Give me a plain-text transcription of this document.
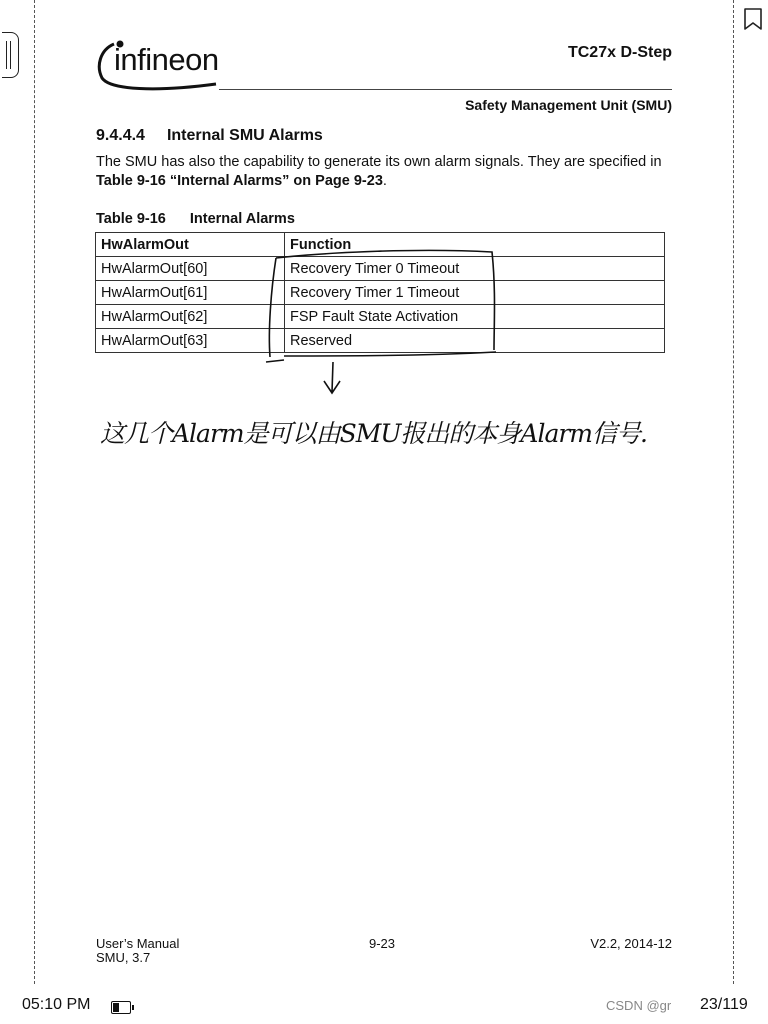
infineon	TC27x D-Step
Safety Management Unit (SMU)
9.4.4.4 Internal SMU Alarms
The SMU has also the capability to generate its own alarm signals. They are specified in Table 9-16 “Internal Alarms” on Page 9-23.
Table 9-16 Internal Alarms
HwAlarmOut	Function
HwAlarmOut[60]	Recovery Timer 0 Timeout
HwAlarmOut[61]	Recovery Timer 1 Timeout
HwAlarmOut[62]	FSP Fault State Activation
HwAlarmOut[63]	Reserved
这几个Alarm是可以由SMU报出的本身Alarm信号.
User’s Manual
SMU, 3.7
9-23	V2.2, 2014-12
05:10 PM	CSDN @gr 23/119
